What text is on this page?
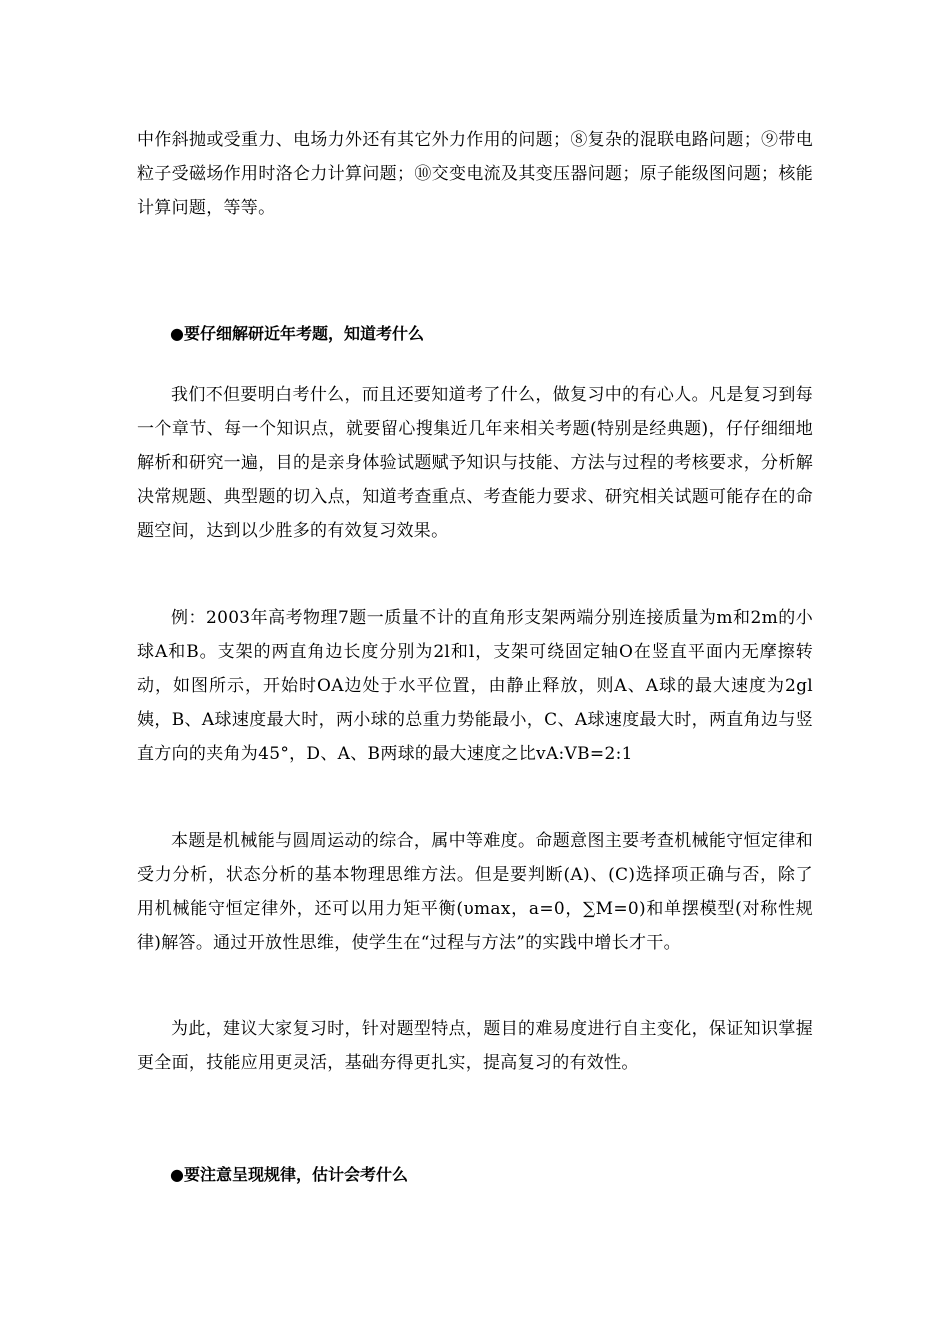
中作斜抛或受重力、电场力外还有其它外力作用的问题；⑧复杂的混联电路问题；⑨带电粒子受磁场作用时洛仑力计算问题；⑩交变电流及其变压器问题；原子能级图问题；核能计算问题，等等。

●要仔细解研近年考题，知道考什么

我们不但要明白考什么，而且还要知道考了什么，做复习中的有心人。凡是复习到每一个章节、每一个知识点，就要留心搜集近几年来相关考题(特别是经典题)，仔仔细细地解析和研究一遍，目的是亲身体验试题赋予知识与技能、方法与过程的考核要求，分析解决常规题、典型题的切入点，知道考查重点、考查能力要求、研究相关试题可能存在的命题空间，达到以少胜多的有效复习效果。

例：2003年高考物理7题一质量不计的直角形支架两端分别连接质量为m和2m的小球A和B。支架的两直角边长度分别为2l和l，支架可绕固定轴O在竖直平面内无摩擦转动，如图所示，开始时OA边处于水平位置，由静止释放，则A、A球的最大速度为2gl姨，B、A球速度最大时，两小球的总重力势能最小，C、A球速度最大时，两直角边与竖直方向的夹角为45°，D、A、B两球的最大速度之比vA:VB=2:1

本题是机械能与圆周运动的综合，属中等难度。命题意图主要考查机械能守恒定律和受力分析，状态分析的基本物理思维方法。但是要判断(A)、(C)选择项正确与否，除了用机械能守恒定律外，还可以用力矩平衡(υmax，a=0，∑M=0)和单摆模型(对称性规律)解答。通过开放性思维，使学生在“过程与方法”的实践中增长才干。

为此，建议大家复习时，针对题型特点，题目的难易度进行自主变化，保证知识掌握更全面，技能应用更灵活，基础夯得更扎实，提高复习的有效性。

●要注意呈现规律，估计会考什么
